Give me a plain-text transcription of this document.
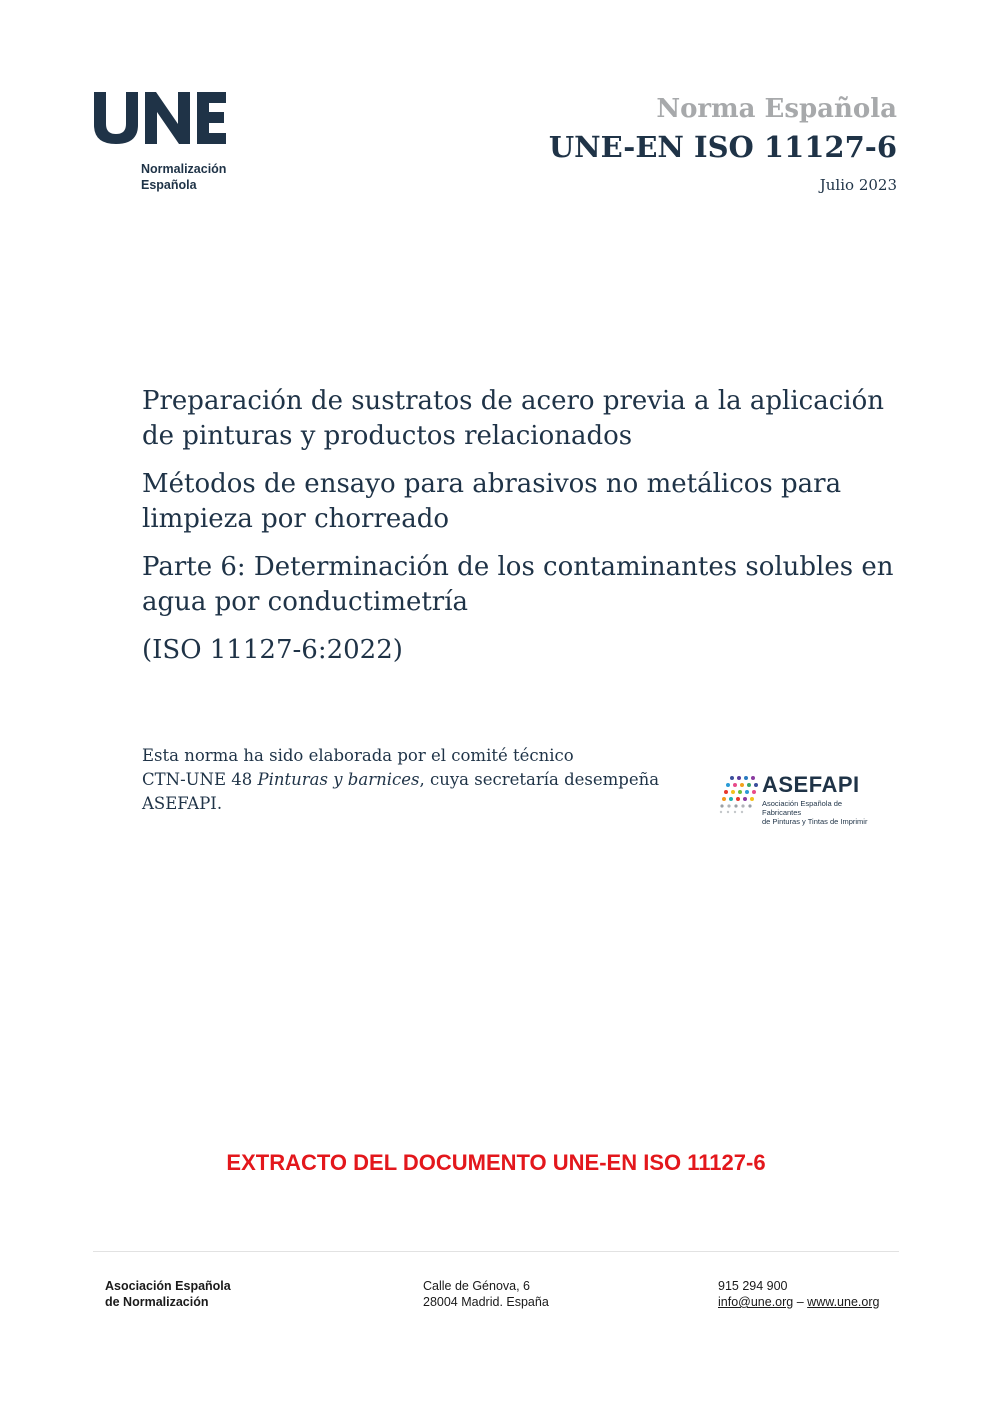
Normalización
Española
Norma Española
UNE-EN ISO 11127-6
Julio 2023

Preparación de sustratos de acero previa a la aplicación de pinturas y productos relacionados

Métodos de ensayo para abrasivos no metálicos para limpieza por chorreado

Parte 6: Determinación de los contaminantes solubles en agua por conductimetría

(ISO 11127-6:2022)

Esta norma ha sido elaborada por el comité técnico
CTN-UNE 48 Pinturas y barnices, cuya secretaría desempeña
ASEFAPI.
ASEFAPI
Asociación Española de Fabricantes
de Pinturas y Tintas de Imprimir
EXTRACTO DEL DOCUMENTO UNE-EN ISO 11127-6
Asociación Española
de Normalización
Calle de Génova, 6
28004 Madrid. España
915 294 900
info@une.org – www.une.org
